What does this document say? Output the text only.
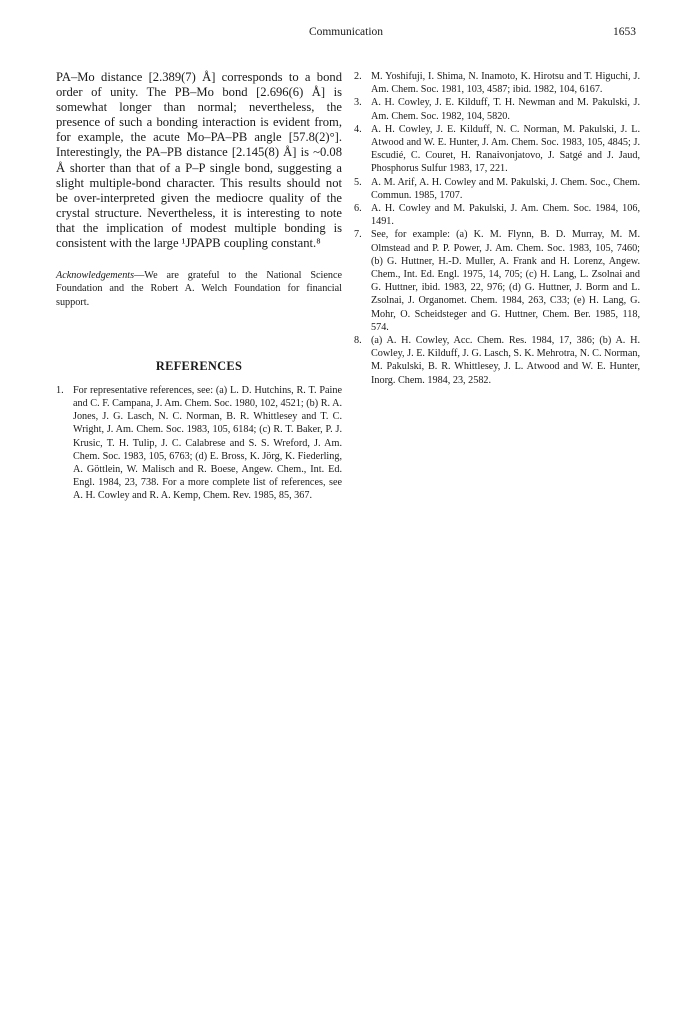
Communication	1653

PA–Mo distance [2.389(7) Å] corresponds to a bond order of unity. The PB–Mo bond [2.696(6) Å] is somewhat longer than normal; nevertheless, the presence of such a bonding interaction is evident from, for example, the acute Mo–PA–PB angle [57.8(2)°]. Interestingly, the PA–PB distance [2.145(8) Å] is ~0.08 Å shorter than that of a P–P single bond, suggesting a slight multiple-bond character. This results should not be over-interpreted given the mediocre quality of the crystal structure. Nevertheless, it is interesting to note that the implication of modest multiple bonding is consistent with the large ¹JPAPB coupling constant.⁸

Acknowledgements—We are grateful to the National Science Foundation and the Robert A. Welch Foundation for financial support.

REFERENCES

1. For representative references, see: (a) L. D. Hutchins, R. T. Paine and C. F. Campana, J. Am. Chem. Soc. 1980, 102, 4521; (b) R. A. Jones, J. G. Lasch, N. C. Norman, B. R. Whittlesey and T. C. Wright, J. Am. Chem. Soc. 1983, 105, 6184; (c) R. T. Baker, P. J. Krusic, T. H. Tulip, J. C. Calabrese and S. S. Wreford, J. Am. Chem. Soc. 1983, 105, 6763; (d) E. Bross, K. Jörg, K. Fiederling, A. Göttlein, W. Malisch and R. Boese, Angew. Chem., Int. Ed. Engl. 1984, 23, 738. For a more complete list of references, see A. H. Cowley and R. A. Kemp, Chem. Rev. 1985, 85, 367.

2. M. Yoshifuji, I. Shima, N. Inamoto, K. Hirotsu and T. Higuchi, J. Am. Chem. Soc. 1981, 103, 4587; ibid. 1982, 104, 6167.

3. A. H. Cowley, J. E. Kilduff, T. H. Newman and M. Pakulski, J. Am. Chem. Soc. 1982, 104, 5820.

4. A. H. Cowley, J. E. Kilduff, N. C. Norman, M. Pakulski, J. L. Atwood and W. E. Hunter, J. Am. Chem. Soc. 1983, 105, 4845; J. Escudié, C. Couret, H. Ranaivonjatovo, J. Satgé and J. Jaud, Phosphorus Sulfur 1983, 17, 221.

5. A. M. Arif, A. H. Cowley and M. Pakulski, J. Chem. Soc., Chem. Commun. 1985, 1707.

6. A. H. Cowley and M. Pakulski, J. Am. Chem. Soc. 1984, 106, 1491.

7. See, for example: (a) K. M. Flynn, B. D. Murray, M. M. Olmstead and P. P. Power, J. Am. Chem. Soc. 1983, 105, 7460; (b) G. Huttner, H.-D. Muller, A. Frank and H. Lorenz, Angew. Chem., Int. Ed. Engl. 1975, 14, 705; (c) H. Lang, L. Zsolnai and G. Huttner, ibid. 1983, 22, 976; (d) G. Huttner, J. Borm and L. Zsolnai, J. Organomet. Chem. 1984, 263, C33; (e) H. Lang, G. Mohr, O. Scheidsteger and G. Huttner, Chem. Ber. 1985, 118, 574.

8. (a) A. H. Cowley, Acc. Chem. Res. 1984, 17, 386; (b) A. H. Cowley, J. E. Kilduff, J. G. Lasch, S. K. Mehrotra, N. C. Norman, M. Pakulski, B. R. Whittlesey, J. L. Atwood and W. E. Hunter, Inorg. Chem. 1984, 23, 2582.
